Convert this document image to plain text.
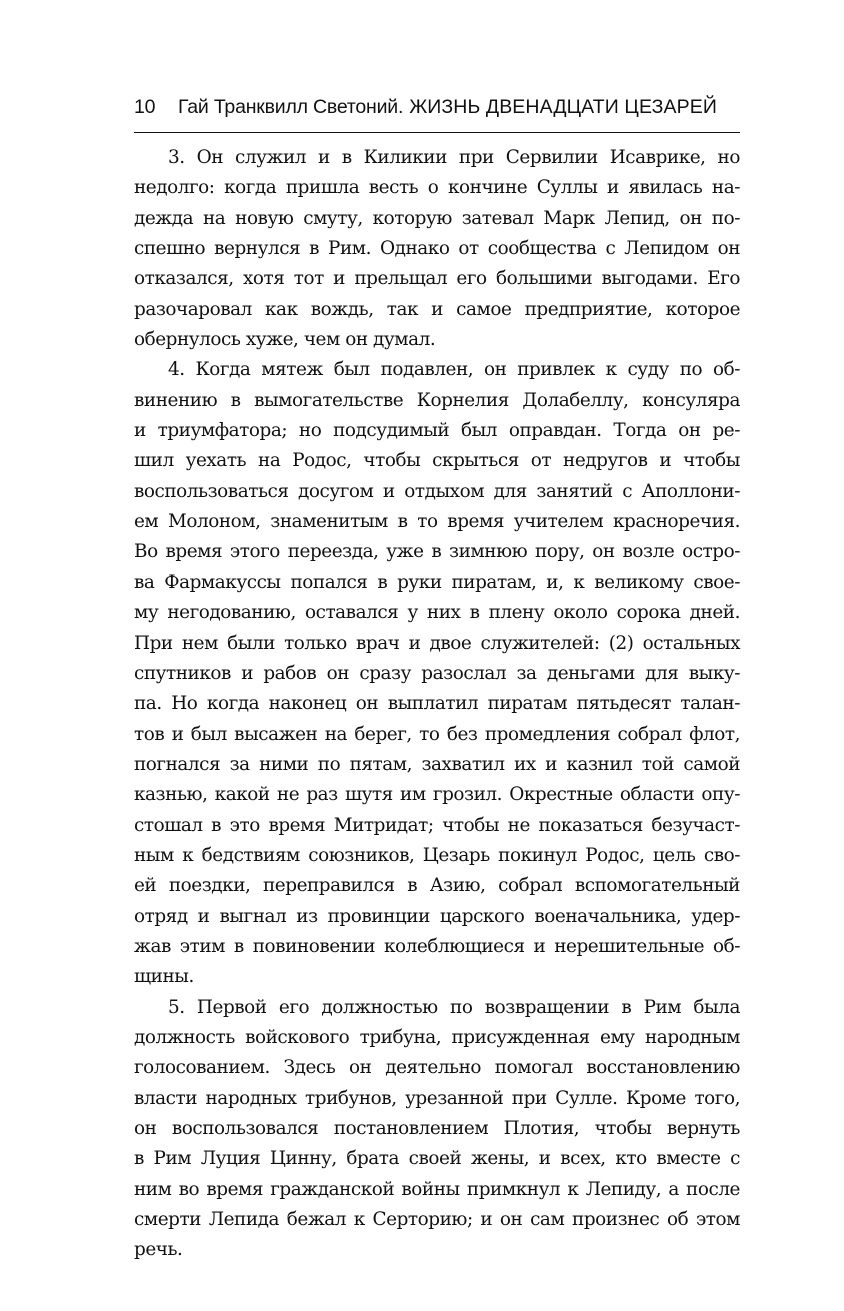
10	Гай Транквилл Светоний. ЖИЗНЬ ДВЕНАДЦАТИ ЦЕЗАРЕЙ
3. Он служил и в Киликии при Сервилии Исаврике, но
недолго: когда пришла весть о кончине Суллы и явилась на-
дежда на новую смуту, которую затевал Марк Лепид, он по-
спешно вернулся в Рим. Однако от сообщества с Лепидом он
отказался, хотя тот и прельщал его большими выгодами. Его
разочаровал как вождь, так и самое предприятие, которое
обернулось хуже, чем он думал.
4. Когда мятеж был подавлен, он привлек к суду по об-
винению в вымогательстве Корнелия Долабеллу, консуляра
и триумфатора; но подсудимый был оправдан. Тогда он ре-
шил уехать на Родос, чтобы скрыться от недругов и чтобы
воспользоваться досугом и отдыхом для занятий с Аполлони-
ем Молоном, знаменитым в то время учителем красноречия.
Во время этого переезда, уже в зимнюю пору, он возле остро-
ва Фармакуссы попался в руки пиратам, и, к великому свое-
му негодованию, оставался у них в плену около сорока дней.
При нем были только врач и двое служителей: (2) остальных
спутников и рабов он сразу разослал за деньгами для выку-
па. Но когда наконец он выплатил пиратам пятьдесят талан-
тов и был высажен на берег, то без промедления собрал флот,
погнался за ними по пятам, захватил их и казнил той самой
казнью, какой не раз шутя им грозил. Окрестные области опу-
стошал в это время Митридат; чтобы не показаться безучаст-
ным к бедствиям союзников, Цезарь покинул Родос, цель сво-
ей поездки, переправился в Азию, собрал вспомогательный
отряд и выгнал из провинции царского военачальника, удер-
жав этим в повиновении колеблющиеся и нерешительные об-
щины.
5. Первой его должностью по возвращении в Рим была
должность войскового трибуна, присужденная ему народным
голосованием. Здесь он деятельно помогал восстановлению
власти народных трибунов, урезанной при Сулле. Кроме того,
он воспользовался постановлением Плотия, чтобы вернуть
в Рим Луция Цинну, брата своей жены, и всех, кто вместе с
ним во время гражданской войны примкнул к Лепиду, а после
смерти Лепида бежал к Серторию; и он сам произнес об этом
речь.
